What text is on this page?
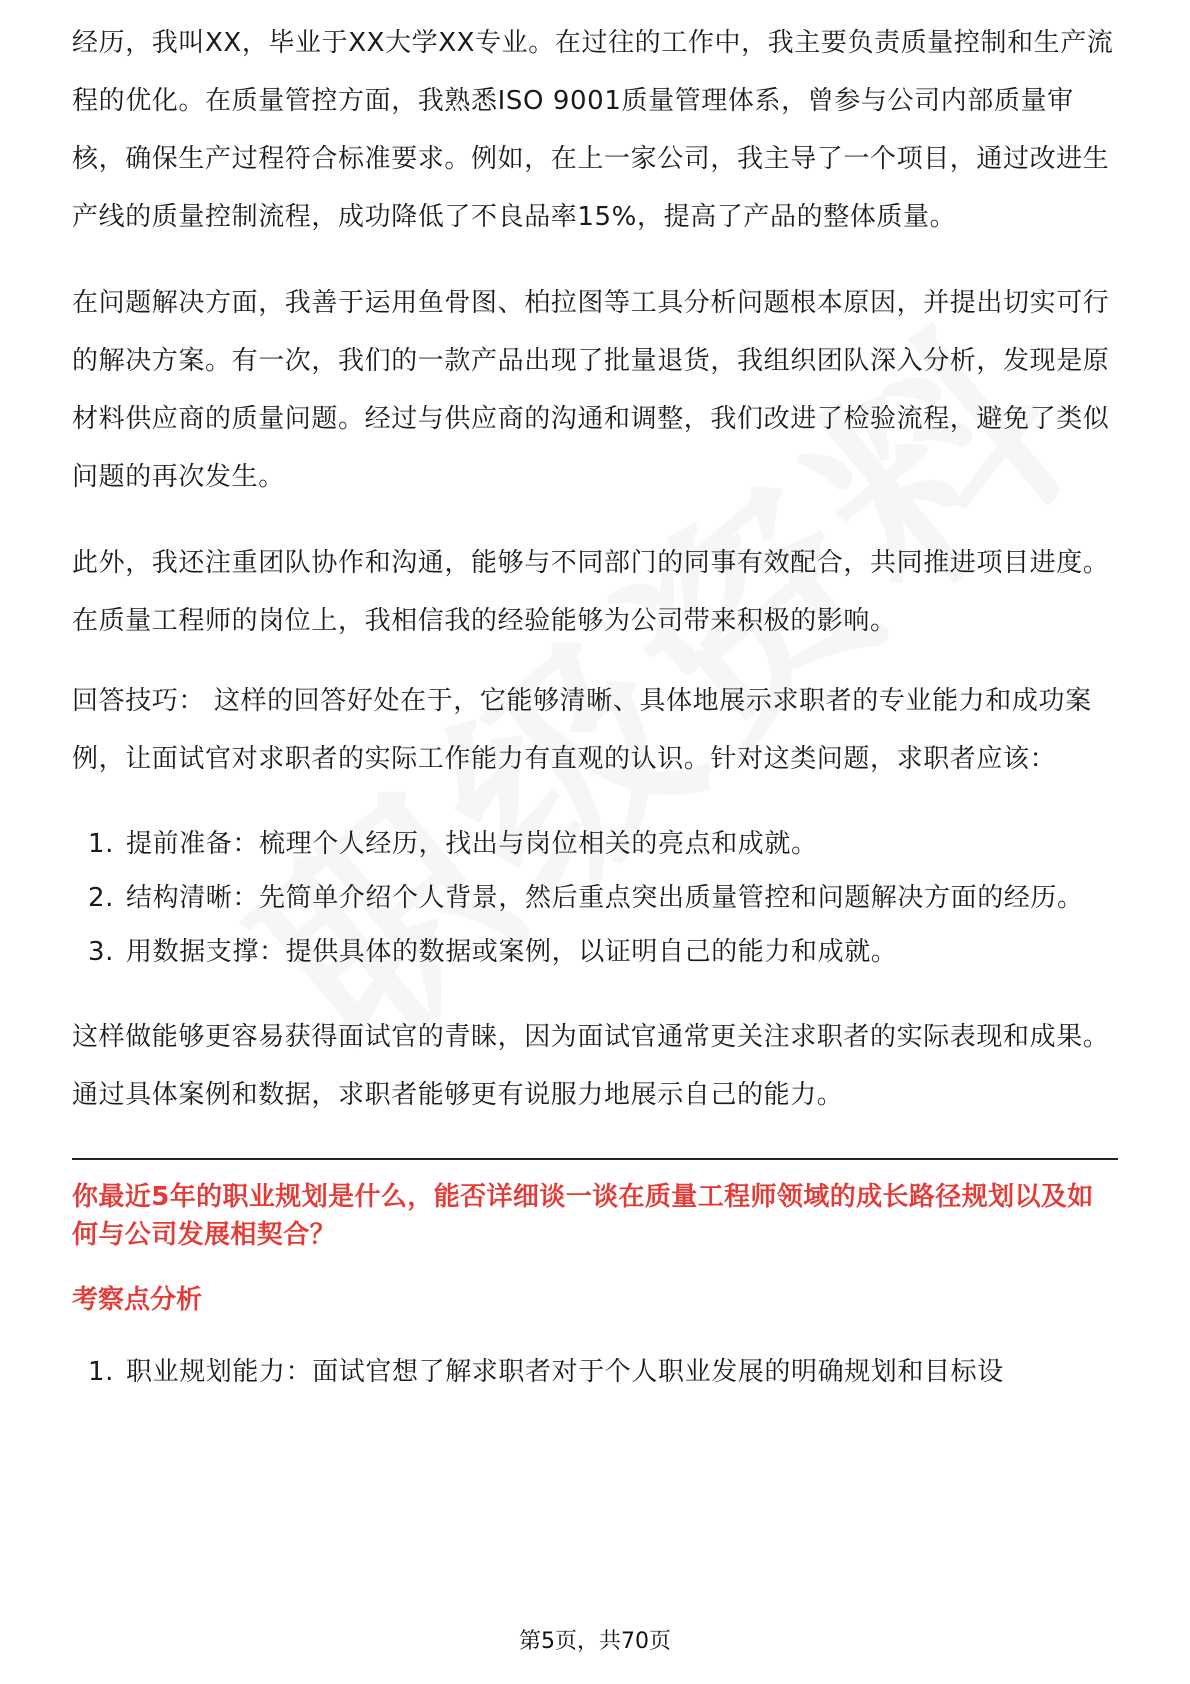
经历，我叫XX，毕业于XX大学XX专业。在过往的工作中，我主要负责质量控制和生产流程的优化。在质量管控方面，我熟悉ISO 9001质量管理体系，曾参与公司内部质量审核，确保生产过程符合标准要求。例如，在上一家公司，我主导了一个项目，通过改进生产线的质量控制流程，成功降低了不良品率15%，提高了产品的整体质量。

在问题解决方面，我善于运用鱼骨图、柏拉图等工具分析问题根本原因，并提出切实可行的解决方案。有一次，我们的一款产品出现了批量退货，我组织团队深入分析，发现是原材料供应商的质量问题。经过与供应商的沟通和调整，我们改进了检验流程，避免了类似问题的再次发生。

此外，我还注重团队协作和沟通，能够与不同部门的同事有效配合，共同推进项目进度。在质量工程师的岗位上，我相信我的经验能够为公司带来积极的影响。

回答技巧： 这样的回答好处在于，它能够清晰、具体地展示求职者的专业能力和成功案例，让面试官对求职者的实际工作能力有直观的认识。针对这类问题，求职者应该：

1. 提前准备：梳理个人经历，找出与岗位相关的亮点和成就。
2. 结构清晰：先简单介绍个人背景，然后重点突出质量管控和问题解决方面的经历。
3. 用数据支撑：提供具体的数据或案例，以证明自己的能力和成就。

这样做能够更容易获得面试官的青睐，因为面试官通常更关注求职者的实际表现和成果。通过具体案例和数据，求职者能够更有说服力地展示自己的能力。

你最近5年的职业规划是什么，能否详细谈一谈在质量工程师领域的成长路径规划以及如何与公司发展相契合？

考察点分析
1. 职业规划能力：面试官想了解求职者对于个人职业发展的明确规划和目标设
第5页，共70页
